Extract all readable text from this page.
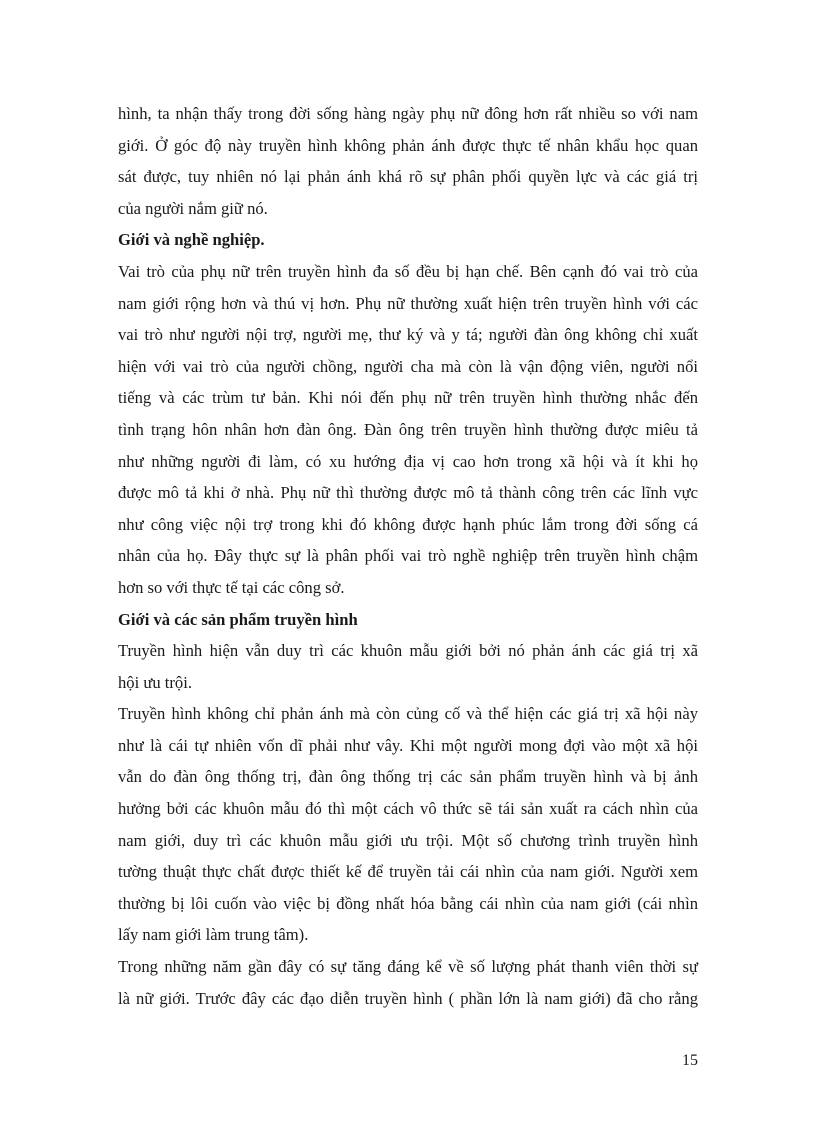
hình, ta nhận thấy trong đời sống hàng ngày phụ nữ đông hơn rất nhiều so với nam

giới. Ở góc độ này truyền hình không phản ánh được thực tế nhân khẩu học quan

sát được, tuy nhiên nó lại phản ánh khá rõ sự phân phối quyền lực và các giá trị

của người nắm giữ nó.

Giới và nghề nghiệp.

Vai trò của phụ nữ trên truyền hình đa số đều bị hạn chế. Bên cạnh đó vai trò của

nam giới rộng hơn và thú vị hơn. Phụ nữ thường xuất hiện trên truyền hình với các

vai trò như người nội trợ, người mẹ, thư ký và y tá; người đàn ông không chỉ xuất

hiện với vai trò của người chồng, người cha mà còn là vận động viên, người nổi

tiếng và các trùm tư bản. Khi nói đến phụ nữ trên truyền hình thường nhắc đến

tình trạng hôn nhân hơn đàn ông. Đàn ông trên truyền hình thường được miêu tả

như những người đi làm, có xu hướng địa vị cao hơn trong xã hội và ít khi họ

được mô tả khi ở nhà. Phụ nữ thì thường được mô tả thành công trên các lĩnh vực

như công việc nội trợ trong khi đó không được hạnh phúc lắm trong đời sống cá

nhân của họ. Đây thực sự là phân phối vai trò nghề nghiệp trên truyền hình chậm

hơn so với thực tế tại các công sở.

Giới và các sản phẩm truyền hình

Truyền hình hiện vẫn duy trì các khuôn mẫu giới bởi nó phản ánh các giá trị xã

hội ưu trội.

Truyền hình không chỉ phản ánh mà còn củng cố và thể hiện các giá trị xã hội này

như là cái tự nhiên vốn dĩ phải như vây. Khi một người mong đợi vào một xã hội

vẫn do đàn ông thống trị, đàn ông thống trị các sản phẩm truyền hình và bị ảnh

hưởng bởi các khuôn mẫu đó thì một cách vô thức sẽ tái sản xuất ra cách nhìn của

nam giới, duy trì các khuôn mẫu giới ưu trội. Một số chương trình truyền hình

tường thuật thực chất được thiết kế để truyền tải cái nhìn của nam giới. Người xem

thường bị lôi cuốn vào việc bị đồng nhất hóa bằng cái nhìn của nam giới (cái nhìn

lấy nam giới làm trung tâm).

Trong những năm gần đây có sự tăng đáng kể về số lượng phát thanh viên thời sự

là nữ giới. Trước đây các đạo diễn truyền hình ( phần lớn là nam giới) đã cho rằng

15
